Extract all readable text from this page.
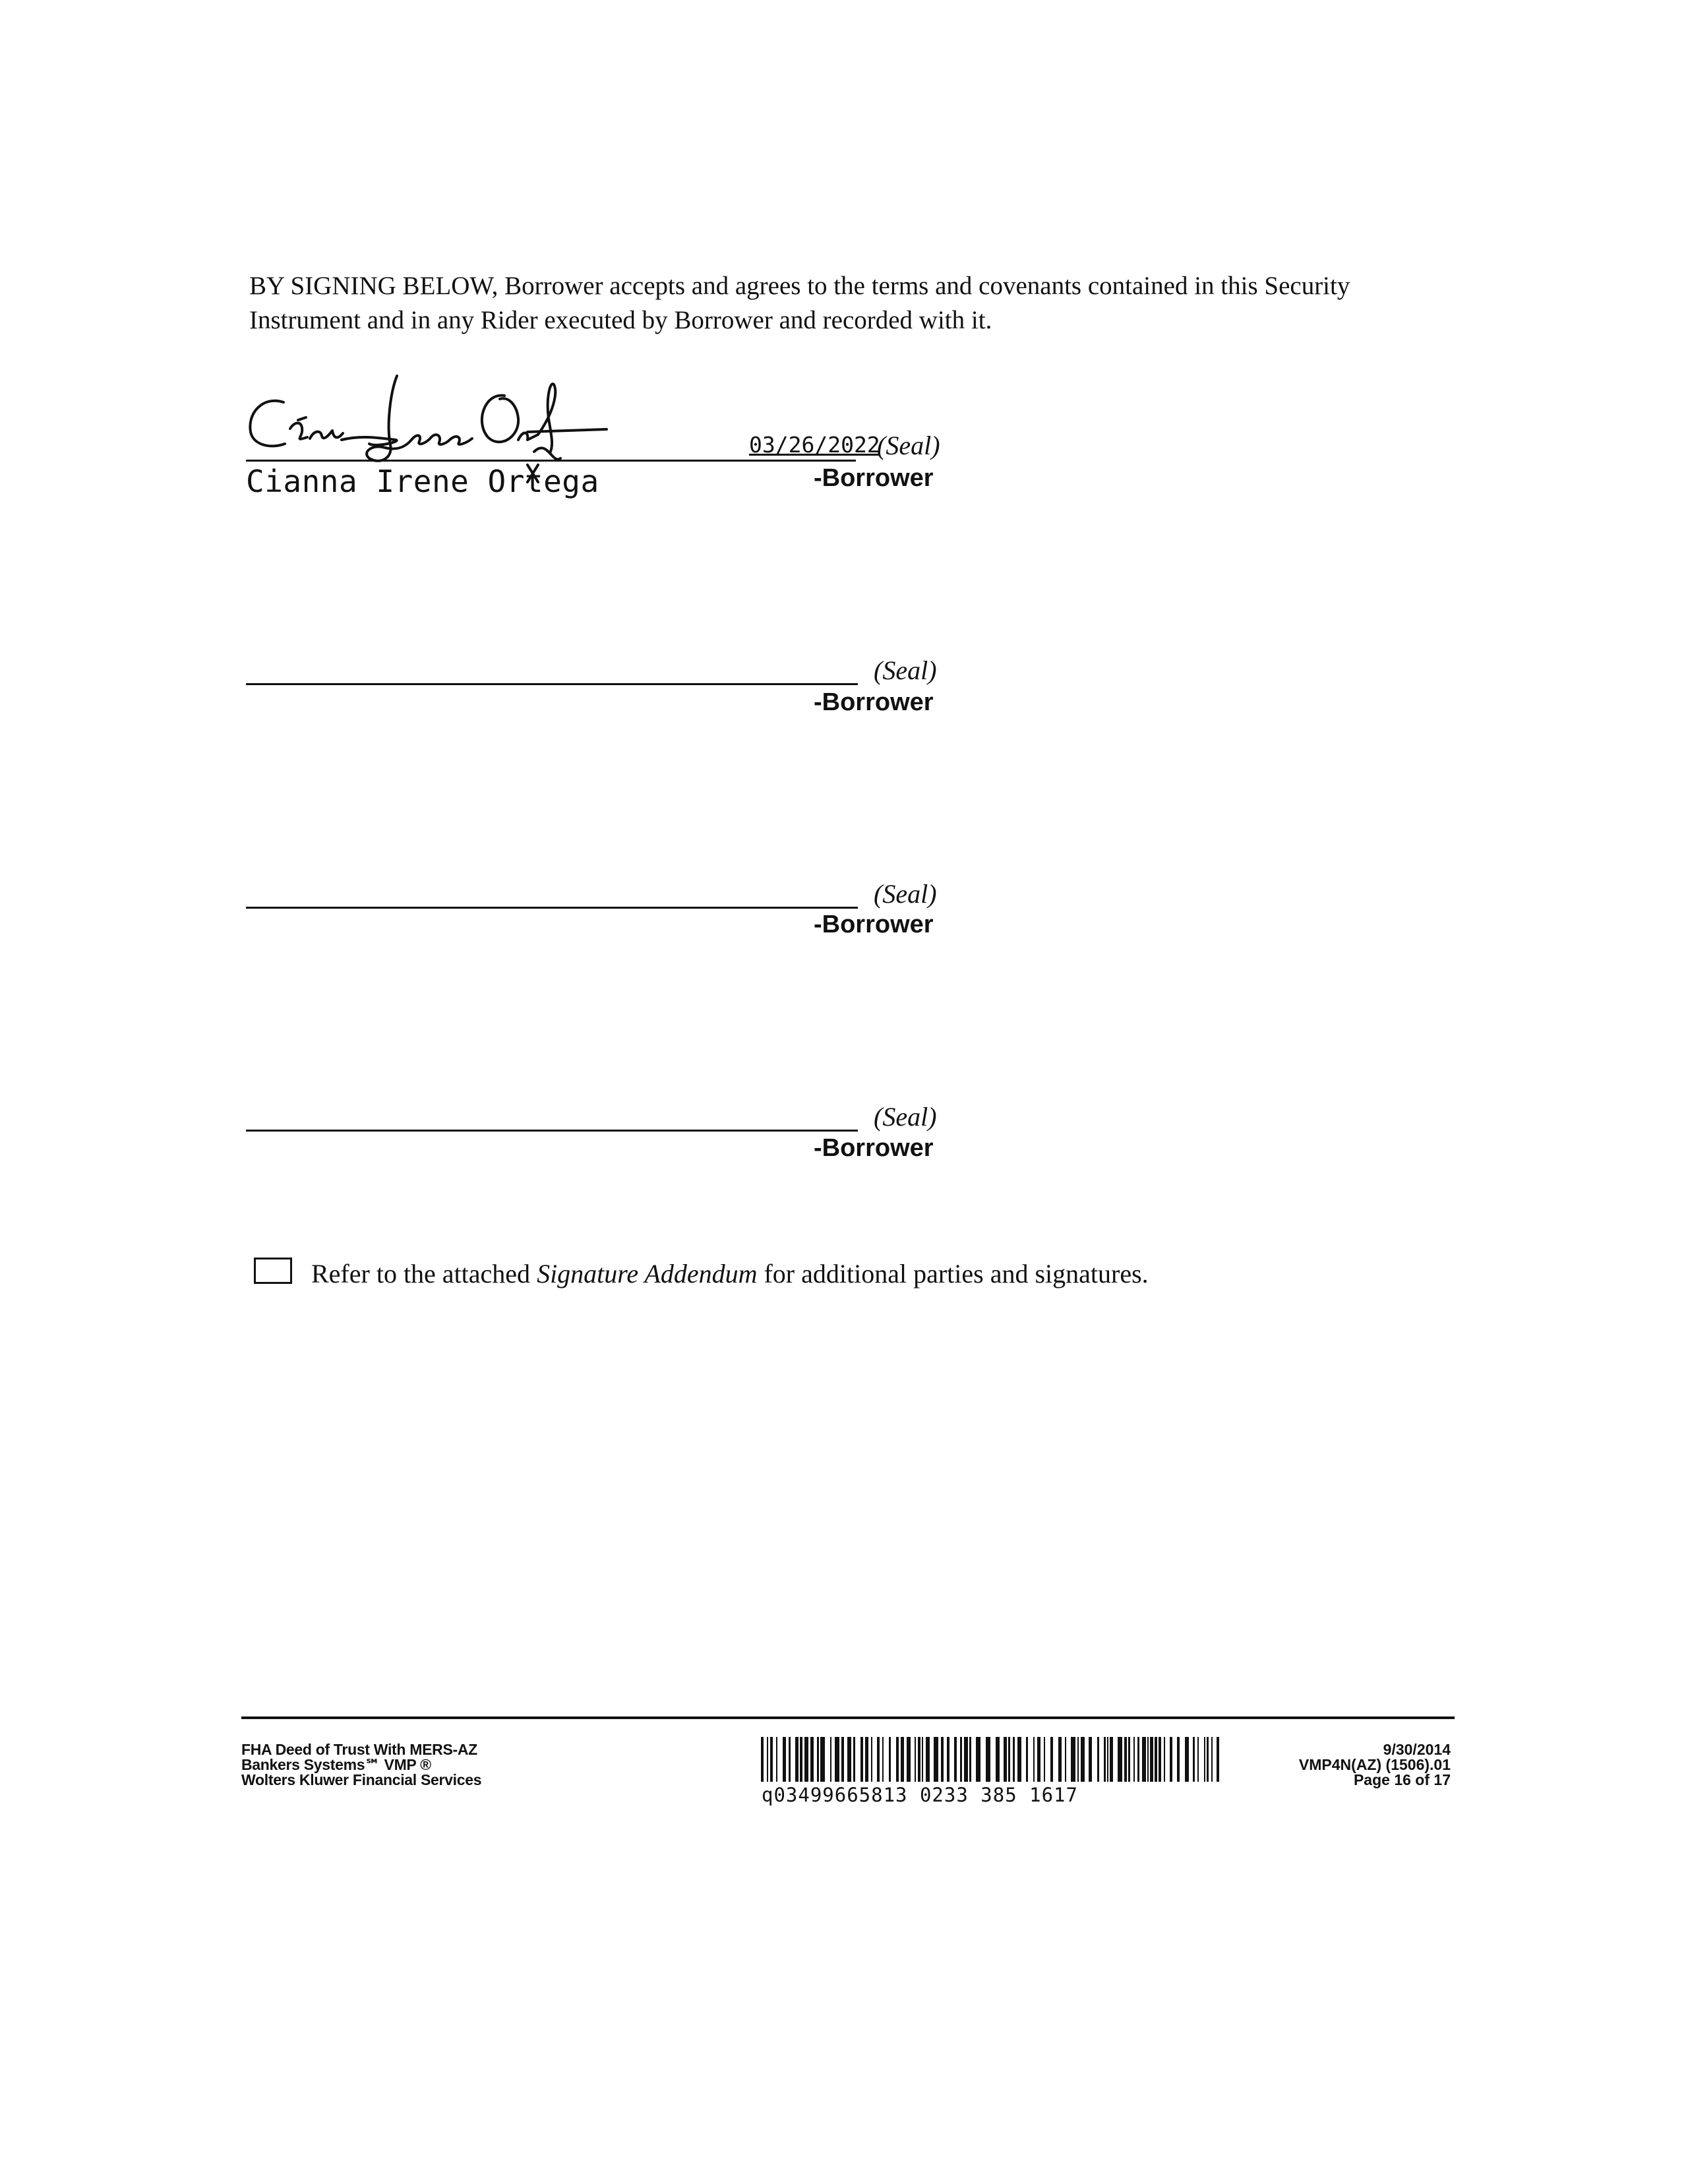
BY SIGNING BELOW, Borrower accepts and agrees to the terms and covenants contained in this Security Instrument and in any Rider executed by Borrower and recorded with it.
Cianna Irene Ortega
03/26/2022
(Seal)
-Borrower
(Seal)
-Borrower
(Seal)
-Borrower
(Seal)
-Borrower
Refer to the attached Signature Addendum for additional parties and signatures.
FHA Deed of Trust With MERS-AZ
Bankers Systems℠ VMP ®
Wolters Kluwer Financial Services
q03499665813 0233 385 1617
9/30/2014
VMP4N(AZ) (1506).01
Page 16 of 17
